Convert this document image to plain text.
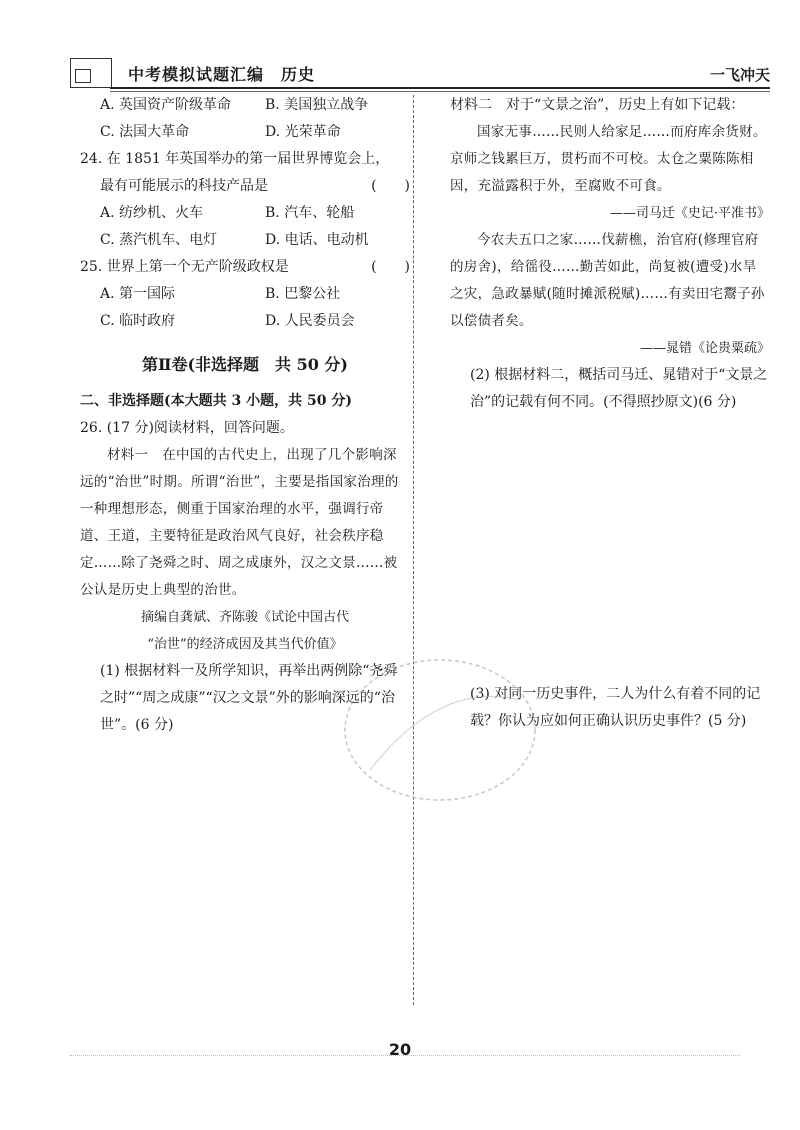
中考模拟试题汇编　历史	一飞冲天
A. 英国资产阶级革命	B. 美国独立战争
C. 法国大革命	D. 光荣革命

24. 在 1851 年英国举办的第一届世界博览会上，

最有可能展示的科技产品是	(　　)

A. 纺纱机、火车	B. 汽车、轮船
C. 蒸汽机车、电灯	D. 电话、电动机

25. 世界上第一个无产阶级政权是	(　　)

A. 第一国际	B. 巴黎公社
C. 临时政府	D. 人民委员会
第Ⅱ卷(非选择题　共 50 分)

二、非选择题(本大题共 3 小题，共 50 分)

26. (17 分)阅读材料，回答问题。

材料一　在中国的古代史上，出现了几个影响深远的“治世”时期。所谓“治世”，主要是指国家治理的一种理想形态，侧重于国家治理的水平，强调行帝道、王道，主要特征是政治风气良好，社会秩序稳定……除了尧舜之时、周之成康外，汉之文景……被公认是历史上典型的治世。

摘编自龚斌、齐陈骏《试论中国古代

“治世”的经济成因及其当代价值》

(1) 根据材料一及所学知识，再举出两例除“尧舜之时”“周之成康”“汉之文景”外的影响深远的“治世”。(6 分)

材料二　对于“文景之治”，历史上有如下记载：

国家无事……民则人给家足……而府库余货财。京师之钱累巨万，贯朽而不可校。太仓之粟陈陈相因，充溢露积于外，至腐败不可食。

——司马迁《史记·平准书》

今农夫五口之家……伐薪樵，治官府(修理官府的房舍)，给徭役……勤苦如此，尚复被(遭受)水旱之灾，急政暴赋(随时摊派税赋)……有卖田宅鬻子孙以偿债者矣。

——晁错《论贵粟疏》

(2) 根据材料二，概括司马迁、晁错对于“文景之治”的记载有何不同。(不得照抄原文)(6 分)

(3) 对同一历史事件，二人为什么有着不同的记载？你认为应如何正确认识历史事件？(5 分)

20
